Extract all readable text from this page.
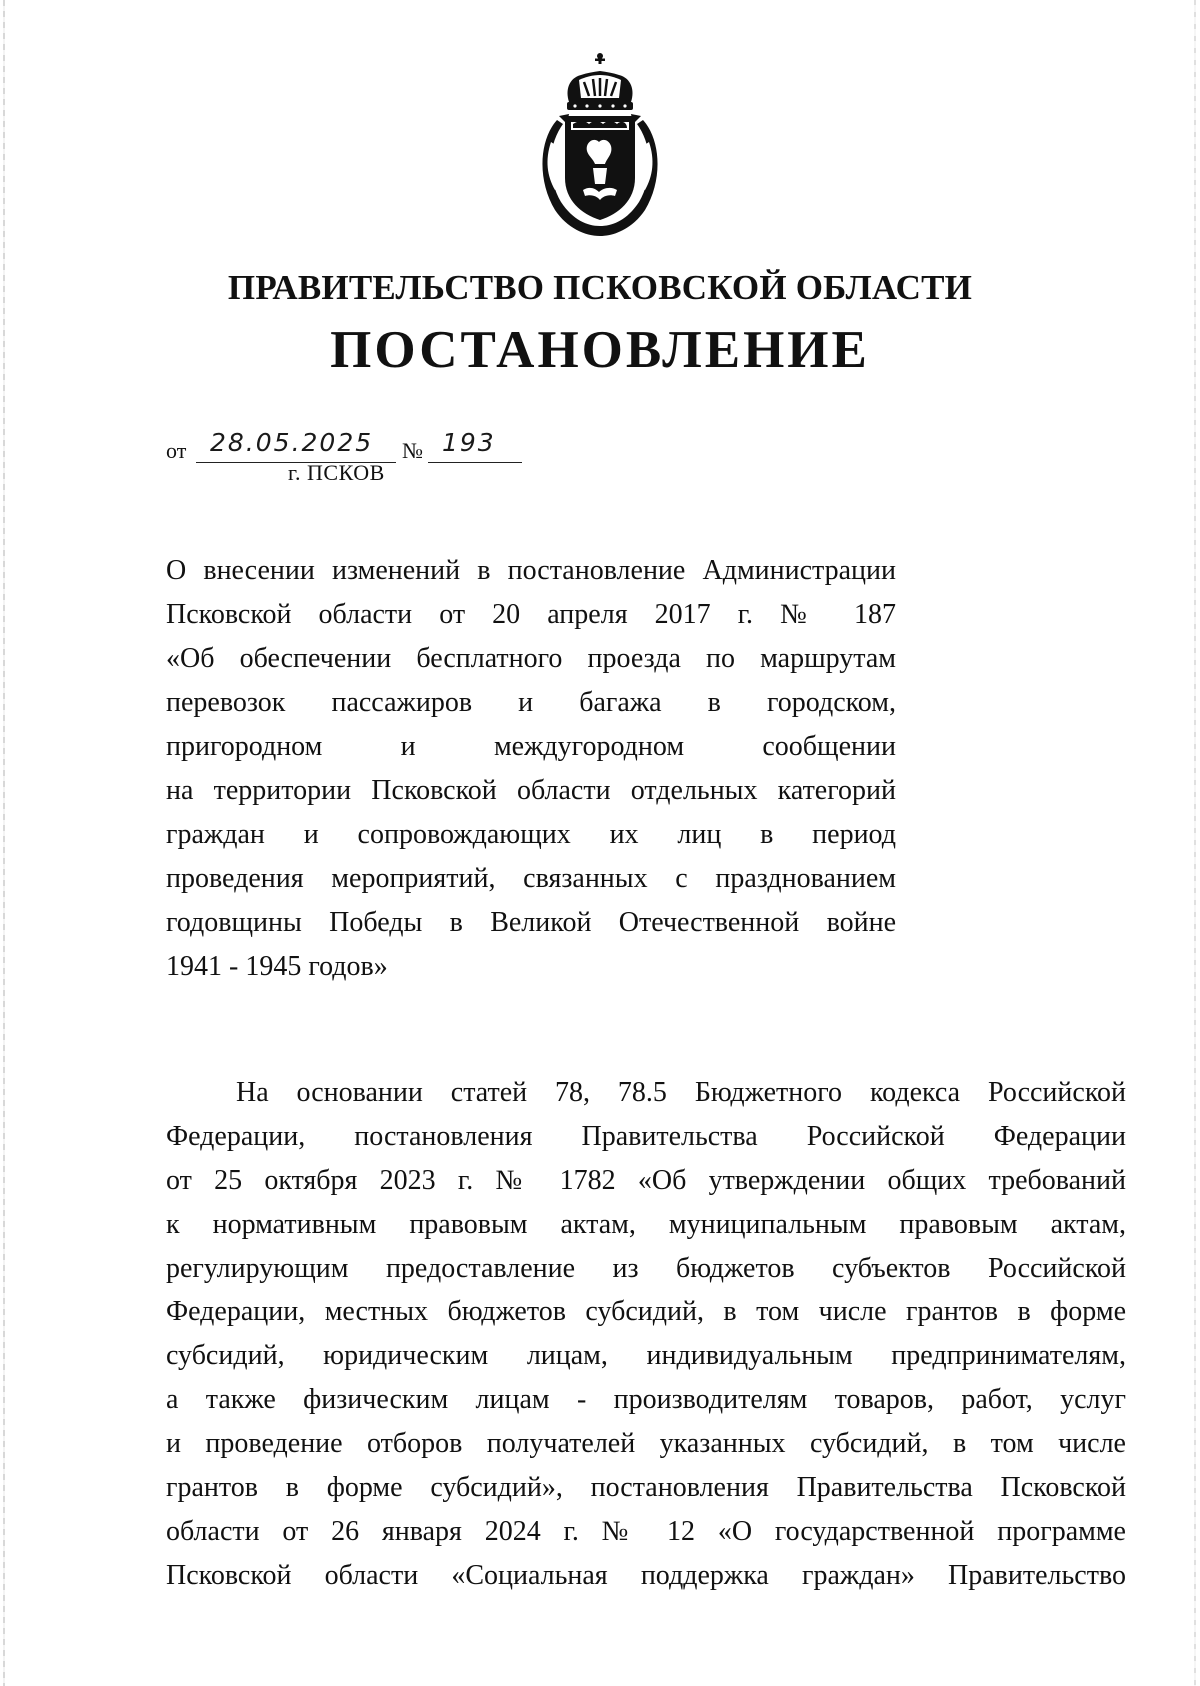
ПРАВИТЕЛЬСТВО ПСКОВСКОЙ ОБЛАСТИ
ПОСТАНОВЛЕНИЕ
от 28.05.2025 № 193
г. ПСКОВ
О внесении изменений в постановление Администрации
Псковской области от 20 апреля 2017 г. № 187
«Об обеспечении бесплатного проезда по маршрутам
перевозок пассажиров и багажа в городском,
пригородном и междугородном сообщении
на территории Псковской области отдельных категорий
граждан и сопровождающих их лиц в период
проведения мероприятий, связанных с празднованием
годовщины Победы в Великой Отечественной войне
1941 - 1945 годов»
На основании статей 78, 78.5 Бюджетного кодекса Российской
Федерации, постановления Правительства Российской Федерации
от 25 октября 2023 г. № 1782 «Об утверждении общих требований
к нормативным правовым актам, муниципальным правовым актам,
регулирующим предоставление из бюджетов субъектов Российской
Федерации, местных бюджетов субсидий, в том числе грантов в форме
субсидий, юридическим лицам, индивидуальным предпринимателям,
а также физическим лицам - производителям товаров, работ, услуг
и проведение отборов получателей указанных субсидий, в том числе
грантов в форме субсидий», постановления Правительства Псковской
области от 26 января 2024 г. № 12 «О государственной программе
Псковской области «Социальная поддержка граждан» Правительство
